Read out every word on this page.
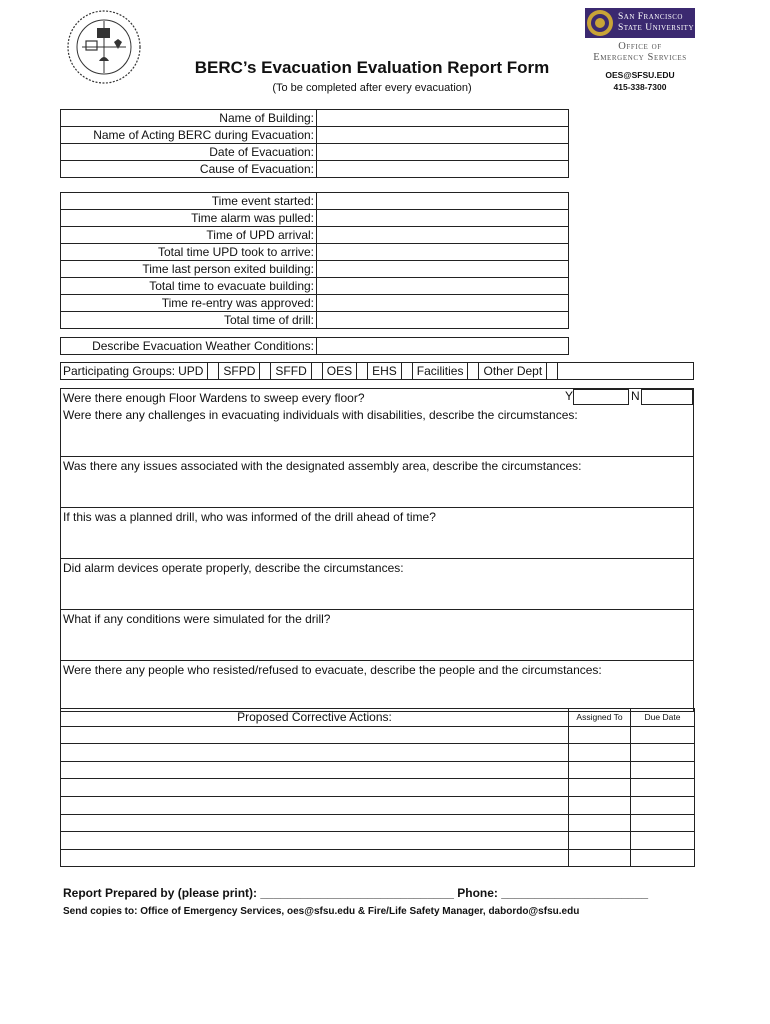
BERC’s Evacuation Evaluation Report Form
(To be completed after every evacuation)
San Francisco
State University
Office of
Emergency Services
OES@SFSU.EDU
415-338-7300
Name of Building:	
Name of Acting BERC during Evacuation:	
Date of Evacuation:	
Cause of Evacuation:	
Time event started:	
Time alarm was pulled:	
Time of UPD arrival:	
Total time UPD took to arrive:	
Time last person exited building:	
Total time to evacuate building:	
Time re-entry was approved:	
Total time of drill:	
Describe Evacuation Weather Conditions:	
Participating Groups: UPD SFPD SFFD OES EHS Facilities Other Dept
Were there enough Floor Wardens to sweep every floor?	Y	N
Were there any challenges in evacuating individuals with disabilities, describe the circumstances:
Was there any issues associated with the designated assembly area, describe the circumstances:
If this was a planned drill, who was informed of the drill ahead of time?
Did alarm devices operate properly, describe the circumstances:
What if any conditions were simulated for the drill?
Were there any people who resisted/refused to evacuate, describe the people and the circumstances:
Proposed Corrective Actions:	Assigned To	Due Date

Report Prepared by (please print): _____________________________ Phone: ______________________
Send copies to: Office of Emergency Services, oes@sfsu.edu & Fire/Life Safety Manager, dabordo@sfsu.edu
